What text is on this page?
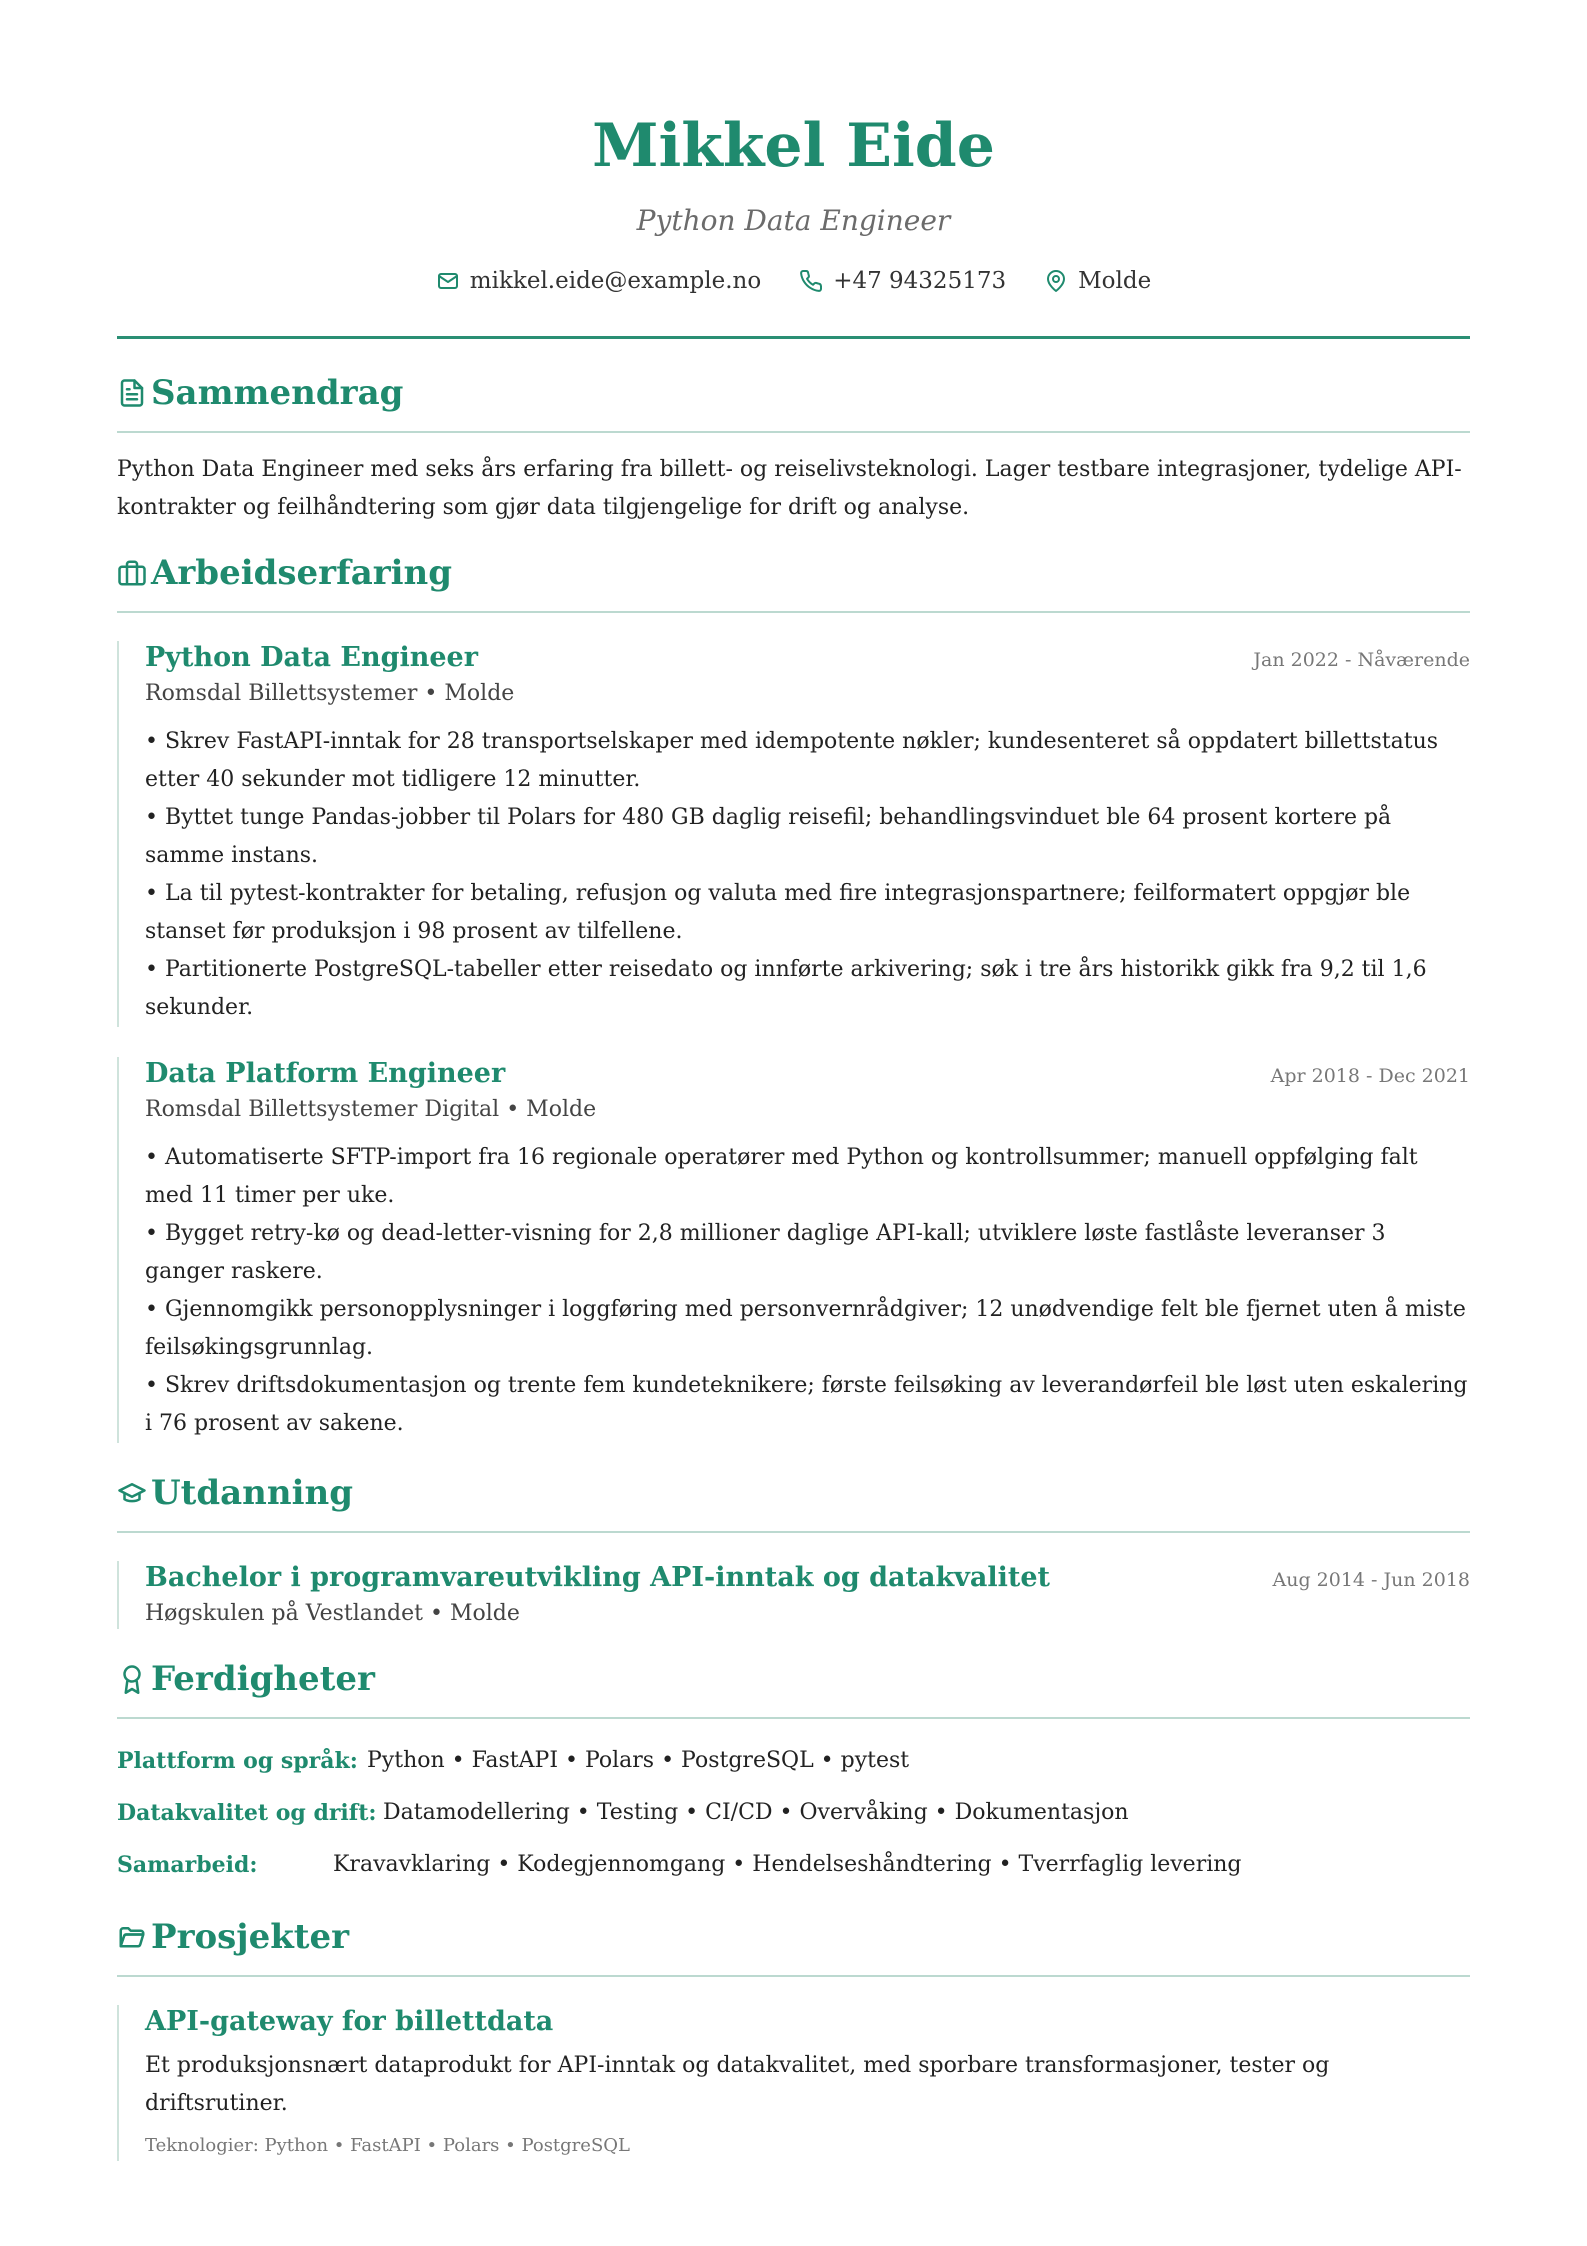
Mikkel Eide
Python Data Engineer
mikkel.eide@example.no	+47 94325173	Molde
Sammendrag
Python Data Engineer med seks års erfaring fra billett- og reiselivsteknologi. Lager testbare integrasjoner, tydelige API-kontrakter og feilhåndtering som gjør data tilgjengelige for drift og analyse.
Arbeidserfaring
Python Data Engineer	Jan 2022 - Nåværende
Romsdal Billettsystemer • Molde
• Skrev FastAPI-inntak for 28 transportselskaper med idempotente nøkler; kundesenteret så oppdatert billettstatus etter 40 sekunder mot tidligere 12 minutter.
• Byttet tunge Pandas-jobber til Polars for 480 GB daglig reisefil; behandlingsvinduet ble 64 prosent kortere på samme instans.
• La til pytest-kontrakter for betaling, refusjon og valuta med fire integrasjonspartnere; feilformatert oppgjør ble stanset før produksjon i 98 prosent av tilfellene.
• Partitionerte PostgreSQL-tabeller etter reisedato og innførte arkivering; søk i tre års historikk gikk fra 9,2 til 1,6 sekunder.
Data Platform Engineer	Apr 2018 - Dec 2021
Romsdal Billettsystemer Digital • Molde
• Automatiserte SFTP-import fra 16 regionale operatører med Python og kontrollsummer; manuell oppfølging falt med 11 timer per uke.
• Bygget retry-kø og dead-letter-visning for 2,8 millioner daglige API-kall; utviklere løste fastlåste leveranser 3 ganger raskere.
• Gjennomgikk personopplysninger i loggføring med personvernrådgiver; 12 unødvendige felt ble fjernet uten å miste feilsøkingsgrunnlag.
• Skrev driftsdokumentasjon og trente fem kundeteknikere; første feilsøking av leverandørfeil ble løst uten eskalering i 76 prosent av sakene.
Utdanning
Bachelor i programvareutvikling API-inntak og datakvalitet	Aug 2014 - Jun 2018
Høgskulen på Vestlandet • Molde
Ferdigheter
Plattform og språk: Python • FastAPI • Polars • PostgreSQL • pytest
Datakvalitet og drift: Datamodellering • Testing • CI/CD • Overvåking • Dokumentasjon
Samarbeid:	Kravavklaring • Kodegjennomgang • Hendelseshåndtering • Tverrfaglig levering
Prosjekter
API-gateway for billettdata
Et produksjonsnært dataprodukt for API-inntak og datakvalitet, med sporbare transformasjoner, tester og driftsrutiner.
Teknologier: Python • FastAPI • Polars • PostgreSQL
